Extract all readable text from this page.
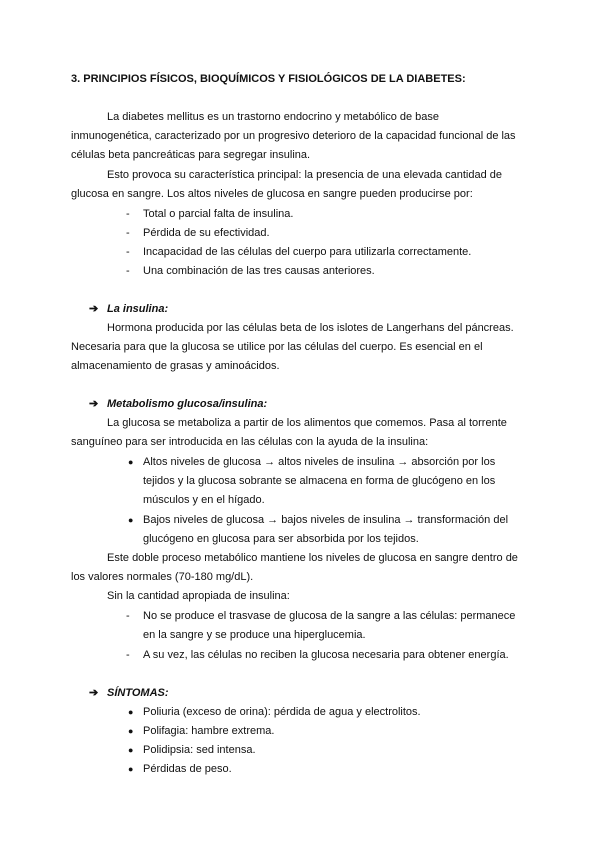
3. PRINCIPIOS FÍSICOS, BIOQUÍMICOS Y FISIOLÓGICOS DE LA DIABETES:
La diabetes mellitus es un trastorno endocrino y metabólico de base
inmunogenética, caracterizado por un progresivo deterioro de la capacidad funcional de las
células beta pancreáticas para segregar insulina.
Esto provoca su característica principal: la presencia de una elevada cantidad de
glucosa en sangre. Los altos niveles de glucosa en sangre pueden producirse por:
- Total o parcial falta de insulina.
- Pérdida de su efectividad.
- Incapacidad de las células del cuerpo para utilizarla correctamente.
- Una combinación de las tres causas anteriores.
➔ La insulina:
Hormona producida por las células beta de los islotes de Langerhans del páncreas.
Necesaria para que la glucosa se utilice por las células del cuerpo. Es esencial en el
almacenamiento de grasas y aminoácidos.
➔ Metabolismo glucosa/insulina:
La glucosa se metaboliza a partir de los alimentos que comemos. Pasa al torrente
sanguíneo para ser introducida en las células con la ayuda de la insulina:
● Altos niveles de glucosa → altos niveles de insulina → absorción por los
tejidos y la glucosa sobrante se almacena en forma de glucógeno en los
músculos y en el hígado.
● Bajos niveles de glucosa → bajos niveles de insulina → transformación del
glucógeno en glucosa para ser absorbida por los tejidos.
Este doble proceso metabólico mantiene los niveles de glucosa en sangre dentro de
los valores normales (70-180 mg/dL).
Sin la cantidad apropiada de insulina:
- No se produce el trasvase de glucosa de la sangre a las células: permanece
en la sangre y se produce una hiperglucemia.
- A su vez, las células no reciben la glucosa necesaria para obtener energía.
➔ SÍNTOMAS:
● Poliuria (exceso de orina): pérdida de agua y electrolitos.
● Polifagia: hambre extrema.
● Polidipsia: sed intensa.
● Pérdidas de peso.
